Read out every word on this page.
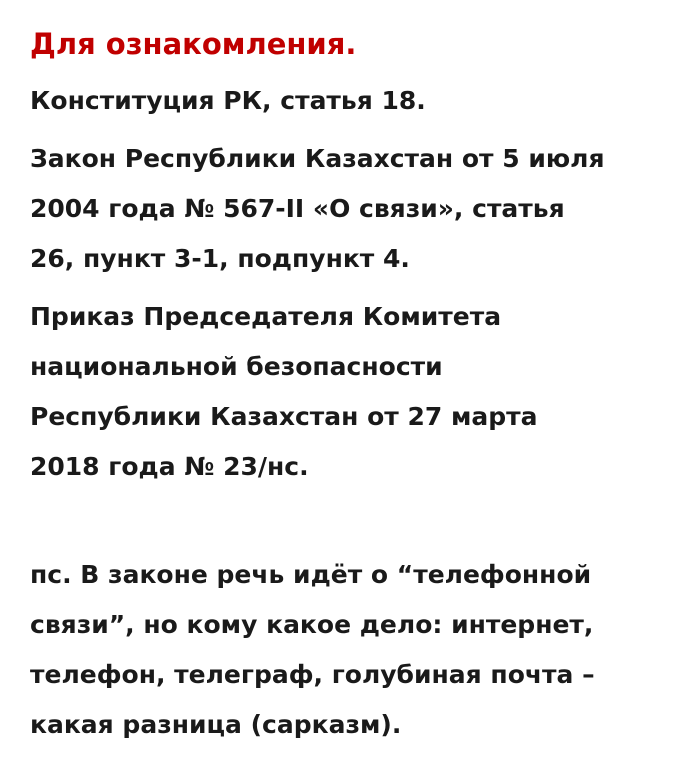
Для ознакомления.
Конституция РК, статья 18.
Закон Республики Казахстан от 5 июля
2004 года № 567-II «О связи», статья
26, пункт 3-1, подпункт 4.
Приказ Председателя Комитета
национальной безопасности
Республики Казахстан от 27 марта
2018 года № 23/нс.
пс. В законе речь идёт о “телефонной
связи”, но кому какое дело: интернет,
телефон, телеграф, голубиная почта –
какая разница (сарказм).
